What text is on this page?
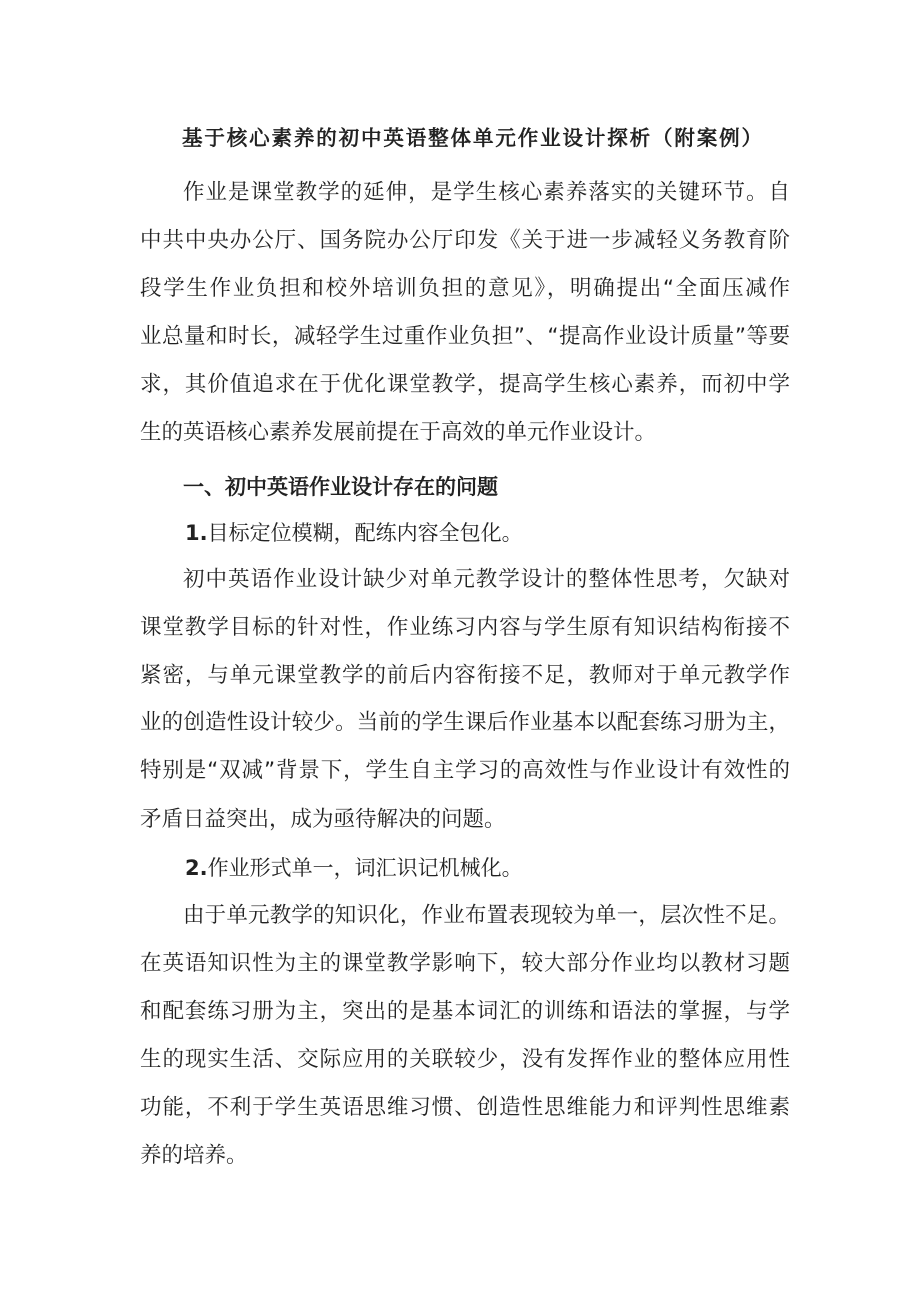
基于核心素养的初中英语整体单元作业设计探析（附案例）
作业是课堂教学的延伸，是学生核心素养落实的关键环节。自
中共中央办公厅、国务院办公厅印发《关于进一步减轻义务教育阶
段学生作业负担和校外培训负担的意见》，明确提出“全面压减作
业总量和时长，减轻学生过重作业负担”、“提高作业设计质量”等要
求，其价值追求在于优化课堂教学，提高学生核心素养，而初中学
生的英语核心素养发展前提在于高效的单元作业设计。
一、初中英语作业设计存在的问题
1.目标定位模糊，配练内容全包化。
初中英语作业设计缺少对单元教学设计的整体性思考，欠缺对
课堂教学目标的针对性，作业练习内容与学生原有知识结构衔接不
紧密，与单元课堂教学的前后内容衔接不足，教师对于单元教学作
业的创造性设计较少。当前的学生课后作业基本以配套练习册为主，
特别是“双减”背景下，学生自主学习的高效性与作业设计有效性的
矛盾日益突出，成为亟待解决的问题。
2.作业形式单一，词汇识记机械化。
由于单元教学的知识化，作业布置表现较为单一，层次性不足。
在英语知识性为主的课堂教学影响下，较大部分作业均以教材习题
和配套练习册为主，突出的是基本词汇的训练和语法的掌握，与学
生的现实生活、交际应用的关联较少，没有发挥作业的整体应用性
功能，不利于学生英语思维习惯、创造性思维能力和评判性思维素
养的培养。
